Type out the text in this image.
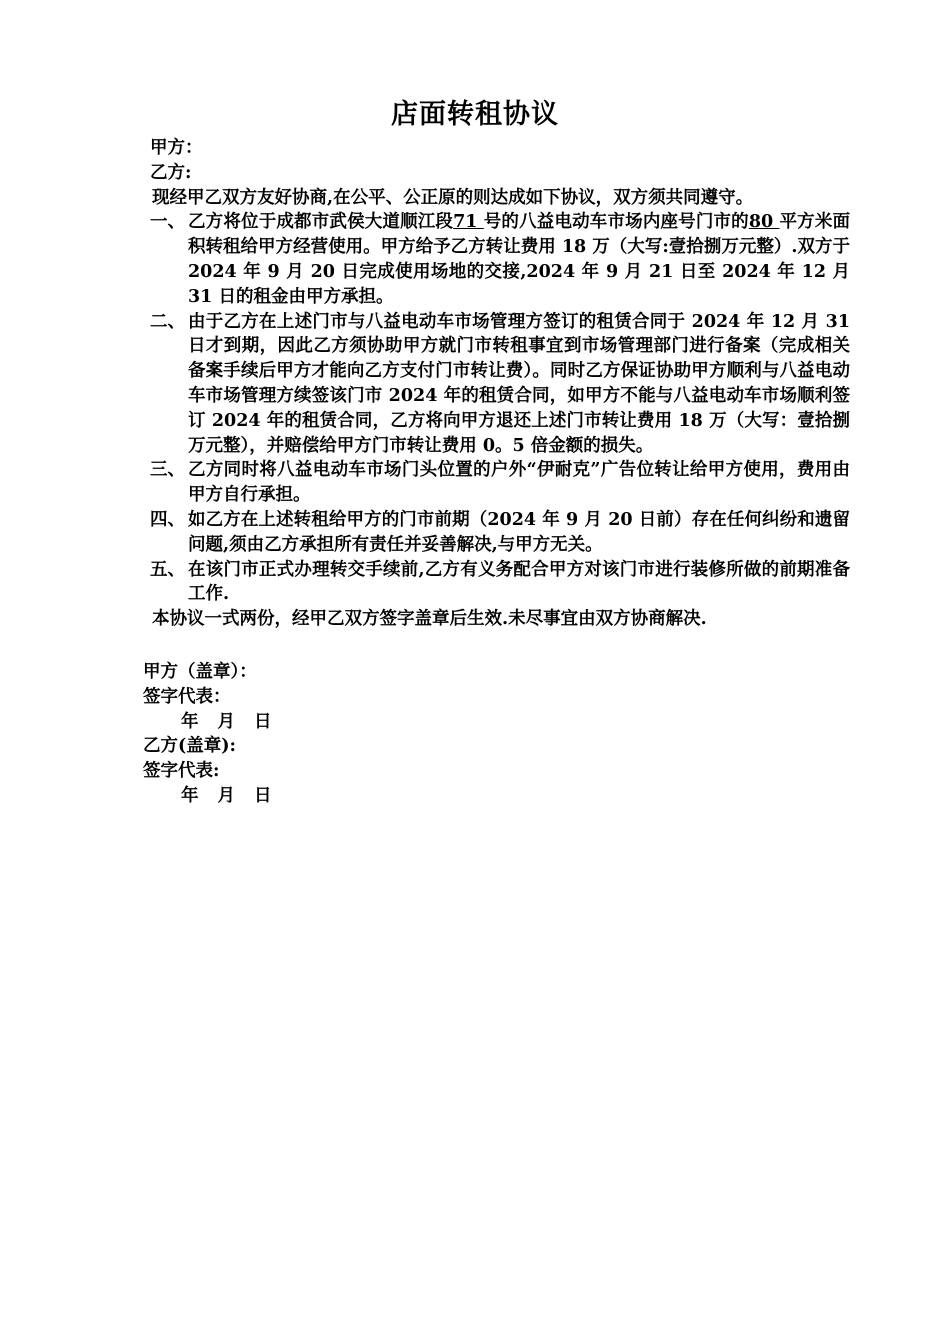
店面转租协议
甲方：
乙方:
现经甲乙双方友好协商,在公平、公正原的则达成如下协议，双方须共同遵守。
一、 乙方将位于成都市武侯大道顺江段71 号的八益电动车市场内座号门市的80 平方米面积转租给甲方经营使用。甲方给予乙方转让费用 18 万（大写:壹拾捌万元整）.双方于 2024 年 9 月 20 日完成使用场地的交接,2024 年 9 月 21 日至 2024 年 12 月 31 日的租金由甲方承担。
二、 由于乙方在上述门市与八益电动车市场管理方签订的租赁合同于 2024 年 12 月 31 日才到期，因此乙方须协助甲方就门市转租事宜到市场管理部门进行备案（完成相关备案手续后甲方才能向乙方支付门市转让费）。同时乙方保证协助甲方顺利与八益电动车市场管理方续签该门市 2024 年的租赁合同，如甲方不能与八益电动车市场顺利签订 2024 年的租赁合同，乙方将向甲方退还上述门市转让费用 18 万（大写：壹拾捌万元整），并赔偿给甲方门市转让费用 0。5 倍金额的损失。
三、 乙方同时将八益电动车市场门头位置的户外“伊耐克”广告位转让给甲方使用，费用由甲方自行承担。
四、 如乙方在上述转租给甲方的门市前期（2024 年 9 月 20 日前）存在任何纠纷和遗留问题,须由乙方承担所有责任并妥善解决,与甲方无关。
五、 在该门市正式办理转交手续前,乙方有义务配合甲方对该门市进行装修所做的前期准备工作.
本协议一式两份，经甲乙双方签字盖章后生效.未尽事宜由双方协商解决.
甲方（盖章）：
签字代表：
年 月 日
乙方(盖章):
签字代表:
年 月 日
